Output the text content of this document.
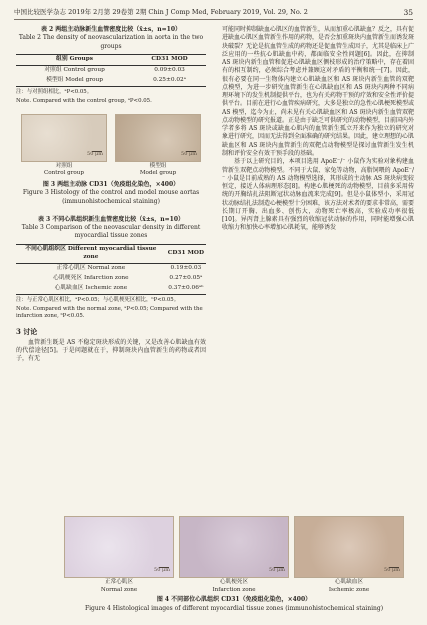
中国比较医学杂志 2019年 2月第 29卷第 2期 Chin J Comp Med, February 2019, Vol. 29, No. 2	35
表 2 两组主动脉新生血管密度比较（x̄±s，n=10）
Table 2 The density of neovascularization in aorta in the two groups
组别 Groups	CD31 MOD
对照组 Control group	0.09±0.03
模型组 Model group	0.25±0.02ᵃ
注：与对照组相比，ᵃP<0.05。
Note. Compared with the control group, ᵃP<0.05.
50 μm
对照组
Control group
50 μm
模型组
Model group
图 3 两组主动脉 CD31（免疫组化染色，×400）
Figure 3 Histology of the control and model mouse aortas (immunohistochemical staining)
表 3 不同心肌组织新生血管密度比较（x̄±s，n=10）
Table 3 Comparison of the neovascular density in different myocardial tissue zones
不同心肌组织区 Different myocardial tissue zone	CD31 MOD
正常心肌区 Normal zone	0.19±0.03
心肌梗死区 Infarction zone	0.27±0.05ᵃ
心肌缺血区 Ischemic zone	0.37±0.06ᵃᵇ
注：与正常心肌区相比，ᵃP<0.05；与心肌梗死区相比，ᵇP<0.05。
Note. Compared with the normal zone, ᵃP<0.05; Compared with the infarction zone, ᵇP<0.05.
3 讨论

血管新生既是 AS 不稳定斑块形成的关键，又是改善心肌缺血有效的代偿途径[5]。于是问题就在于，抑制斑块内血管新生的药物或者因子，有无

可能同时抑制缺血心肌区的血管新生，从而加重心肌缺血？反之，具有促进缺血心肌区血管新生作用的药物，是否会加重斑块内血管新生而诱发斑块破裂？无论是抗血管生成的药物还是促血管生成因子，尤其是临床上广泛应用的一些抗心肌缺血中药，都面临安全性问题[6]。因此，在抑制 AS 斑块内新生血管和促进心肌缺血区侧枝形成的治疗策略中，存在着固有的相互制约，必须综合考虑并兼顾这对矛盾的平衡和统一[7]。因此，很有必要在同一生物体内建立心肌缺血区和 AS 斑块内新生血管的双靶点模型，为进一步研究血管新生在心肌缺血区和 AS 斑块内两种不同病理环境下的发生机制提供平台，也为有关药物干预的疗效和安全性评价提供平台。目前在进行心血管疾病研究，大多是独立的急性心肌梗死模型或 AS 模型，迄今为止，尚未见有关心肌缺血区和 AS 斑块内新生血管双靶点动物模型的研究报道。正是由于缺乏可供研究的动物模型，目前国内外学者多将 AS 斑块或缺血心肌内的血管新生孤立开来作为独立的研究对象进行研究，因而无法得到全面准确的研究结果。因此，建立理想的心肌缺血区和 AS 斑块内血管新生的双靶点动物模型是探讨血管新生发生机制和评价安全有效干预手段的基础。

基于以上研究目的，本项目选用 ApoE⁻/⁻ 小鼠作为实验对象构建血管新生双靶点动物模型。不同于大鼠、家兔等动物，高脂饲喂的 ApoE⁻/⁻ 小鼠是目前成熟的 AS 动物模型选择，其形成的主动脉 AS 斑块病变较恒定，接近人体病理形态[8]。构建心肌梗死的动物模型，目前多采用传统的开胸结扎法阻断冠状动脉血流来完成[9]。但是小鼠体型小，采用冠状动脉结扎法制造心梗模型十分困难，该方法对术者的要求非常高，需要长期订开胸、出血多、创伤大，动物死亡率极高，实验成功率很低[10]。异丙肾上腺素具有强烈的收缩冠状动脉的作用，同时能增强心肌收缩力和加快心率增加心肌耗氧，能够诱发

50 μm
正常心肌区
Normal zone
50 μm
心肌梗死区
Infarction zone
50 μm
心肌缺血区
Ischemic zone
图 4 不同部位心肌组织 CD31（免疫组化染色，×400）
Figure 4 Histological images of different myocardial tissue zones (immunohistochemical staining)
